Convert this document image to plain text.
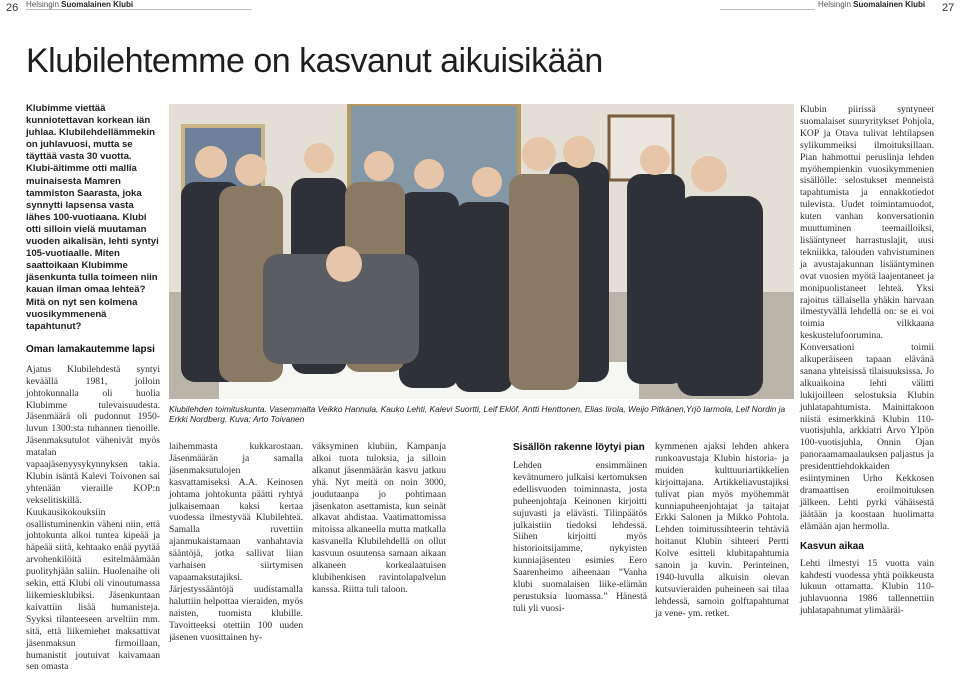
26 Helsingin Suomalainen Klubi	Helsingin Suomalainen Klubi 27
Klubilehtemme on kasvanut aikuisikään

Klubimme viettää kunniotettavan korkean iän juhlaa. Klubilehdellämmekin on juhlavuosi, mutta se täyttää vasta 30 vuotta. Klubi-äitimme otti mallia muinaisesta Mamren tammiston Saarasta, joka synnytti lapsensa vasta lähes 100-vuotiaana. Klubi otti silloin vielä muutaman vuoden aikalisän, lehti syntyi 105-vuotiaalle. Miten saattoikaan Klubimme jäsenkunta tulla toimeen niin kauan ilman omaa lehteä? Mitä on nyt sen kolmena vuosikymmenenä tapahtunut?

Oman lamakautemme lapsi

Ajatus Klubilehdestä syntyi keväällä 1981, jolloin johtokunnalla oli huolia Klubimme tulevaisuudesta. Jäsenmäärä oli pudonnut 1950-luvun 1300:sta tuhannen tienoille. Jäsenmaksutulot vähenivät myös matalan vapaajäsenyysykynnyksen takia. Klubin isäntä Kalevi Toivonen sai yhtenään vieraille KOP:n vekselitiskillä. Kuukausikokouksiin osallistuminenkin väheni niin, että johtokunta alkoi tuntea kipeää ja häpeää siitä, kehtaako enää pyytää arvohenkilöitä esitelmäämään puolityhjään saliin. Huolenaihe oli sekin, että Klubi oli vinoutumassa liikemiesklubiksi. Jäsenkuntaan kaivattiin lisää humanisteja. Syyksi tilanteeseen arveltiin mm. sitä, että liikemiehet maksattivat jäsenmaksun firmoillaan, humanistit joutuivat kaivamaan sen omasta

Klubilehden toimituskunta. Vasemmalta Veikko Hannula, Kauko Lehti, Kalevi Suortti, Leif Eklöf, Antti Henttonen, Elias Iirola, Weijo Pitkänen,Yrjö Iarmola, Leif Nordin ja Erkki Nordberg. Kuva: Arto Toivanen

laihemmasta kukkarostaan. Jäsenmäärän ja samalla jäsenmaksutulojen kasvattamiseksi A.A. Keinosen johtama johtokunta päätti ryhtyä julkaisemaan kaksi kertaa vuodessa ilmestyvää Klubilehteä. Samalla ruvettiin ajanmukaistamaan vanhahtavia sääntöjä, jotka sallivat liian varhaisen siirtymisen vapaamaksutajiksi. Järjestyssääntöjä uudistamalla haluttiin helpottaa vieraiden, myös naisten, tuomista klubille. Tavoitteeksi otettiin 100 uuden jäsenen vuosittainen hy-

väksyminen klubiin, Kampanja alkoi tuota tuloksia, ja silloin alkanut jäsenmäärän kasvu jatkuu yhä. Nyt meitä on noin 3000, joudutaanpa jo pohtimaan jäsenkaton asettamista, kun seinät alkavat ahdistaa. Vaatimattomissa mitoissa alkaneella mutta matkalla kasvanella Klubilehdellä on ollut kasvuun osuutensa samaan aikaan alkaneen korkealaatuisen klubihenkisen ravintolapalvelun kanssa. Riitta tuli taloon.

Sisällön rakenne löytyi pian

Lehden ensimmäinen kevätnumero julkaisi kertomuksen edellisvuoden toiminnasta, josta puheenjohtaja Keinonen kirjoitti sujuvasti ja elävästi. Tilinpäätös julkaistiin tiedoksi lehdessä. Siihen kirjoitti myös historioitsijamme, nykyisten kunniajäsenten esimies Eero Saarenheimo aiheenaan ”Vanha klubi suomalaisen liike-elämän perustuksia luomassa.” Hänestä tuli yli vuosi-

kymmenen ajaksi lehden ahkera runkoavustaja Klubin historia- ja muiden kulttuuriartikkelien kirjoittajana. Artikkeliavustajiksi tulivat pian myös myöhemmät kunniapuheenjohtajat ja taitajat Erkki Salonen ja Mikko Pohtola. Lehden toimitussihteerin tehtäviä hoitanut Klubin sihteeri Pertti Kolve esitteli klubitapahtumia sanoin ja kuvin. Perinteinen, 1940-luvulla alkuisin olevan kutsuvieraiden puheineen sai tilaa lehdessä, samoin golftapahtumat ja vene- ym. retket.

Klubin piirissä syntyneet suomalaiset suuryritykset Pohjola, KOP ja Otava tulivat lehtilapsen sylikummeiksi ilmoituksillaan. Pian hahmottui peruslinja lehden myöhempienkin vuosikymmenien sisällölle: selostukset menneistä tapahtumista ja ennakkotiedot tulevista. Uudet toimintamuodot, kuten vanhan konversationin muuttuminen teemailloiksi, lisääntyneet harrastuslajit, uusi tekniikka, talouden vahvistuminen ja avustajakunnan lisääntyminen ovat vuosien myötä laajentaneet ja monipuolistaneet lehteä. Yksi rajoitus tällaisella yhäkin harvaan ilmestyvällä lehdellä on: se ei voi toimia vilkkaana keskustelufoorumina. Konversationi toimii alkuperäiseen tapaan elävänä sanana yhteisissä tilaisuuksissa. Jo alkuaikoina lehti välitti lukijoilleen selostuksia Klubin juhlatapahtumista. Mainittakoon niistä esimerkkinä Klubin 110-vuotisjuhla, arkkiatri Arvo Ylpön 100-vuotisjuhla, Onnin Ojan panoraamamaalauksen paljastus ja presidenttiehdokkaiden esiintyminen Urho Kekkosen dramaattisen eroilmoituksen jälkeen. Lehti pyrki vähäisestä jäätään ja koostaan huolimatta elämään ajan hermolla.

Kasvun aikaa

Lehti ilmestyi 15 vuotta vain kahdesti vuodessa yhtä poikkeusta lukuun ottamatta. Klubin 110-juhlavuonna 1986 tallennettiin juhlatapahtumat ylimääräi-
